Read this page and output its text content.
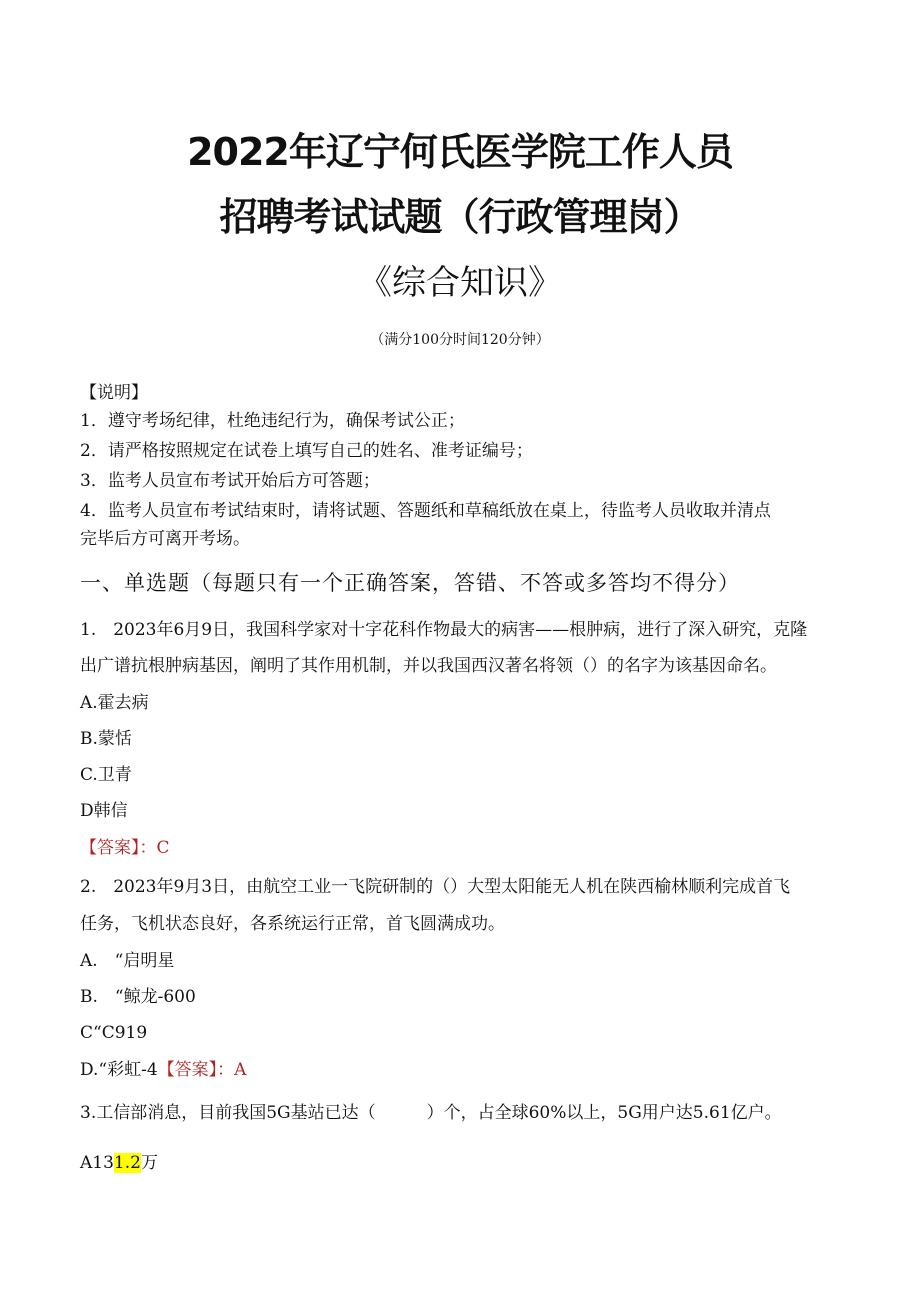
2022年辽宁何氏医学院工作人员
招聘考试试题（行政管理岗）
《综合知识》
（满分100分时间120分钟）
【说明】
1．遵守考场纪律，杜绝违纪行为，确保考试公正；
2．请严格按照规定在试卷上填写自己的姓名、准考证编号；
3．监考人员宣布考试开始后方可答题；
4．监考人员宣布考试结束时，请将试题、答题纸和草稿纸放在桌上，待监考人员收取并清点
完毕后方可离开考场。
一、单选题（每题只有一个正确答案，答错、不答或多答均不得分）
1.　2023年6月9日，我国科学家对十字花科作物最大的病害——根肿病，进行了深入研究，克隆
出广谱抗根肿病基因，阐明了其作用机制，并以我国西汉著名将领（）的名字为该基因命名。
A.霍去病
B.蒙恬
C.卫青
D韩信
【答案】：C
2.　2023年9月3日，由航空工业一飞院研制的（）大型太阳能无人机在陕西榆林顺利完成首飞
任务，飞机状态良好，各系统运行正常，首飞圆满成功。
A.　“启明星
B.　“鲸龙-600
C“C919
D.“彩虹-4【答案】：A
3.工信部消息，目前我国5G基站已达（　　　）个，占全球60%以上，5G用户达5.61亿户。
A131.2万
